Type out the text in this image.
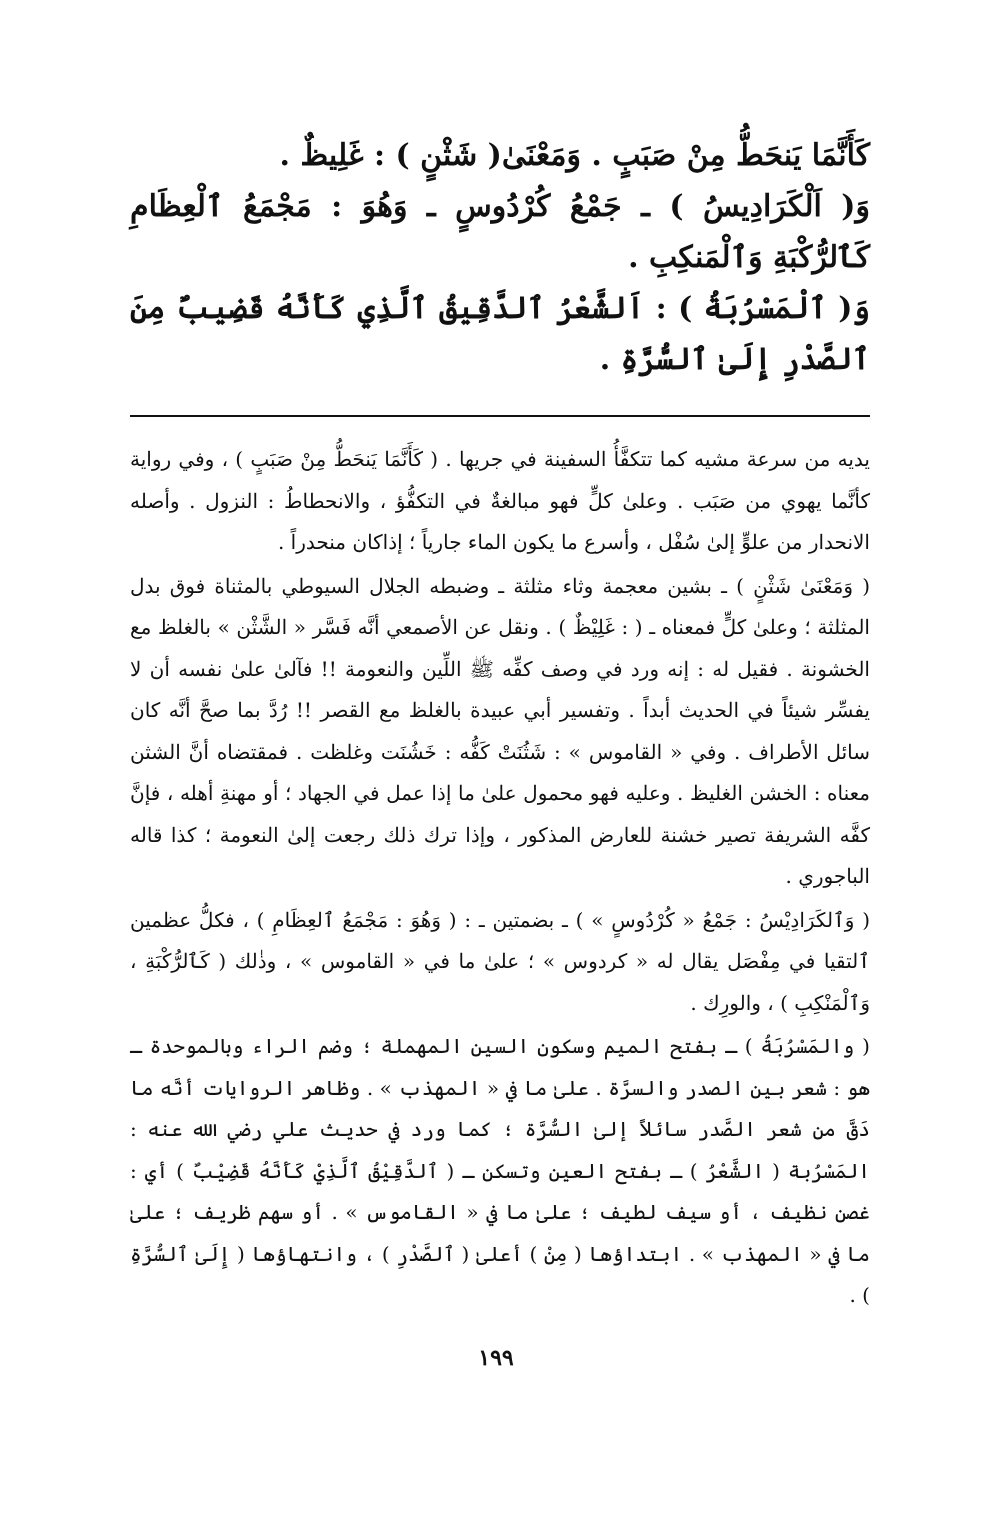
كَأَنَّمَا يَنحَطُّ مِنْ صَبَبٍ . وَمَعْنَىٰ( شَثْنٍ ) : غَلِيظٌ .

وَ( اَلْكَرَادِيسُ ) ـ جَمْعُ كُرْدُوسٍ ـ وَهُوَ : مَجْمَعُ ٱلْعِظَامِ كَٱلرُّكْبَةِ وَٱلْمَنكِبِ .

وَ( ٱلْمَسْرُبَةُ ) : اَلشَّعْرُ ٱلدَّقِيقُ ٱلَّذِي كَأَنَّهُ قَضِيبٌ مِنَ ٱلصَّدْرِ إِلَىٰ ٱلسُّرَّةِ .

يديه من سرعة مشيه كما تتكفَّأُ السفينة في جريها . ( كَأَنَّمَا يَنحَطُّ مِنْ صَبَبٍ ) ، وفي رواية كأنَّما يهوي من صَبَب . وعلىٰ كلٍّ فهو مبالغةٌ في التكفُّؤ ، والانحطاطُ : النزول . وأصله الانحدار من علوٍّ إلىٰ سُفْل ، وأسرع ما يكون الماء جارياً ؛ إذاكان منحدراً .

( وَمَعْنَىٰ شَثْنٍ ) ـ بشين معجمة وثاء مثلثة ـ وضبطه الجلال السيوطي بالمثناة فوق بدل المثلثة ؛ وعلىٰ كلٍّ فمعناه ـ ( : غَلِيْظٌ ) . ونقل عن الأصمعي أنَّه فَسَّر « الشَّثْن » بالغلظ مع الخشونة . فقيل له : إنه ورد في وصف كفِّه ﷺ اللِّين والنعومة !! فآلىٰ علىٰ نفسه أن لا يفسِّر شيئاً في الحديث أبداً . وتفسير أبي عبيدة بالغلظ مع القصر !! رُدَّ بما صحَّ أنَّه كان سائل الأطراف . وفي « القاموس » : شَثُنَتْ كَفُّه : خَشُنَت وغلظت . فمقتضاه أنَّ الشثن معناه : الخشن الغليظ . وعليه فهو محمول علىٰ ما إذا عمل في الجهاد ؛ أو مهنةِ أهله ، فإنَّ كفَّه الشريفة تصير خشنة للعارض المذكور ، وإذا ترك ذلك رجعت إلىٰ النعومة ؛ كذا قاله الباجوري .

( وَٱلكَرَادِيْسُ : جَمْعُ « كُرْدُوسٍ » ) ـ بضمتين ـ : ( وَهُوَ : مَجْمَعُ ٱلعِظَامِ ) ، فكلُّ عظمين ٱلتقيا في مِفْصَل يقال له « كردوس » ؛ علىٰ ما في « القاموس » ، وذٰلك ( كَٱلرُّكْبَةِ ، وَٱلْمَنْكِبِ ) ، والورِك .

( والمَسْرُبَةُ ) ـ بفتح الميم وسكون السين المهملة ؛ وضم الراء وبالموحدة ـ هو : شعر بين الصدر والسرَّة . علىٰ ما في « المهذب » . وظاهر الروايات أنَّه ما دَقَّ من شعر الصَّدر سائلاً إلىٰ السُّرَّة ؛ كما ورد في حديث علي رضي الله عنه : المَسْرُبة ( الشَّعْرُ ) ـ بفتح العين وتسكن ـ ( ٱلدَّقِيْقُ ٱلَّذِيْ كَأَنَّهُ قَضِيْبٌ ) أي : غصن نظيف ، أو سيف لطيف ؛ علىٰ ما في « القاموس » . أو سهم ظريف ؛ علىٰ ما في « المهذب » . ابتداؤها ( مِنْ ) أعلىٰ ( ٱلصَّدْرِ ) ، وانتهاؤها ( إِلَىٰ ٱلسُّرَّةِ ) .

١٩٩
